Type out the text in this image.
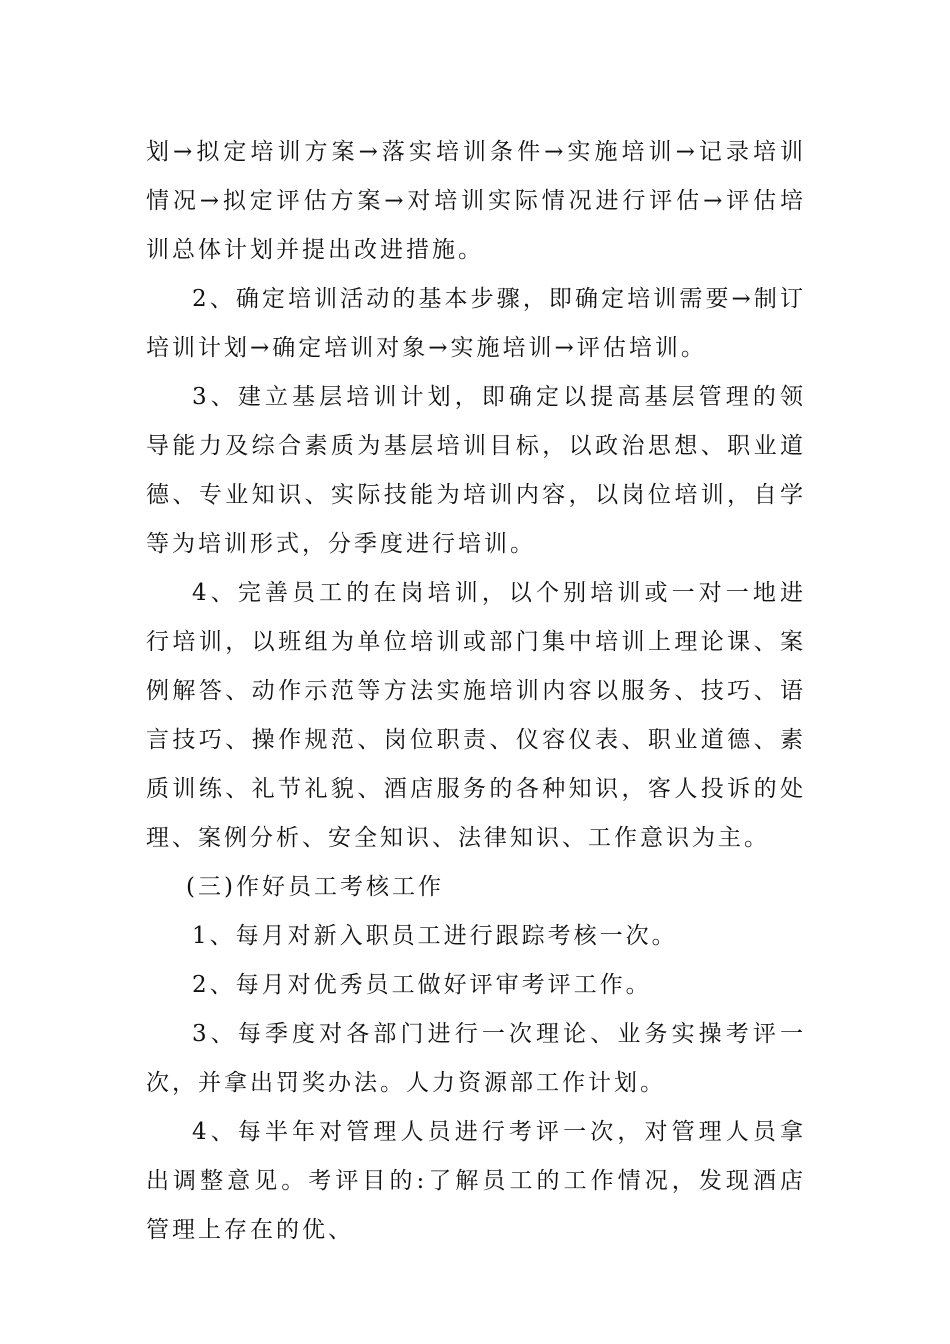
划→拟定培训方案→落实培训条件→实施培训→记录培训情况→拟定评估方案→对培训实际情况进行评估→评估培训总体计划并提出改进措施。

2、确定培训活动的基本步骤，即确定培训需要→制订培训计划→确定培训对象→实施培训→评估培训。

3、建立基层培训计划，即确定以提高基层管理的领导能力及综合素质为基层培训目标，以政治思想、职业道德、专业知识、实际技能为培训内容，以岗位培训，自学等为培训形式，分季度进行培训。

4、完善员工的在岗培训，以个别培训或一对一地进行培训，以班组为单位培训或部门集中培训上理论课、案例解答、动作示范等方法实施培训内容以服务、技巧、语言技巧、操作规范、岗位职责、仪容仪表、职业道德、素质训练、礼节礼貌、酒店服务的各种知识，客人投诉的处理、案例分析、安全知识、法律知识、工作意识为主。

(三)作好员工考核工作

1、每月对新入职员工进行跟踪考核一次。

2、每月对优秀员工做好评审考评工作。

3、每季度对各部门进行一次理论、业务实操考评一次，并拿出罚奖办法。人力资源部工作计划。

4、每半年对管理人员进行考评一次，对管理人员拿出调整意见。考评目的:了解员工的工作情况，发现酒店管理上存在的优、
